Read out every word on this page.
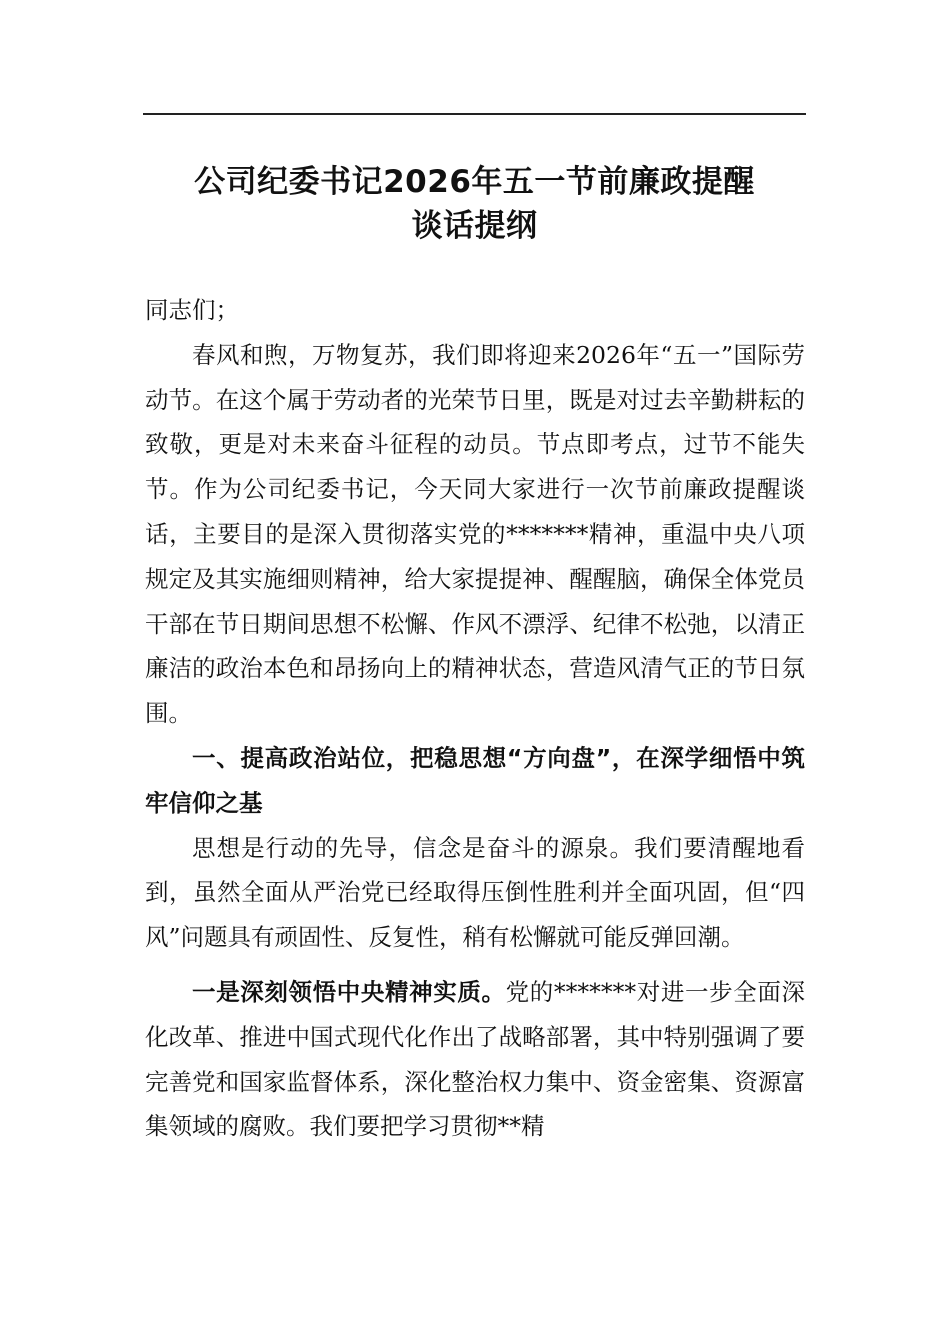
公司纪委书记2026年五一节前廉政提醒
谈话提纲

同志们；

春风和煦，万物复苏，我们即将迎来2026年“五一”国际劳动节。在这个属于劳动者的光荣节日里，既是对过去辛勤耕耘的致敬，更是对未来奋斗征程的动员。节点即考点，过节不能失节。作为公司纪委书记，今天同大家进行一次节前廉政提醒谈话，主要目的是深入贯彻落实党的*******精神，重温中央八项规定及其实施细则精神，给大家提提神、醒醒脑，确保全体党员干部在节日期间思想不松懈、作风不漂浮、纪律不松弛，以清正廉洁的政治本色和昂扬向上的精神状态，营造风清气正的节日氛围。

一、提高政治站位，把稳思想“方向盘”，在深学细悟中筑牢信仰之基

思想是行动的先导，信念是奋斗的源泉。我们要清醒地看到，虽然全面从严治党已经取得压倒性胜利并全面巩固，但“四风”问题具有顽固性、反复性，稍有松懈就可能反弹回潮。

一是深刻领悟中央精神实质。党的*******对进一步全面深化改革、推进中国式现代化作出了战略部署，其中特别强调了要完善党和国家监督体系，深化整治权力集中、资金密集、资源富集领域的腐败。我们要把学习贯彻**精
